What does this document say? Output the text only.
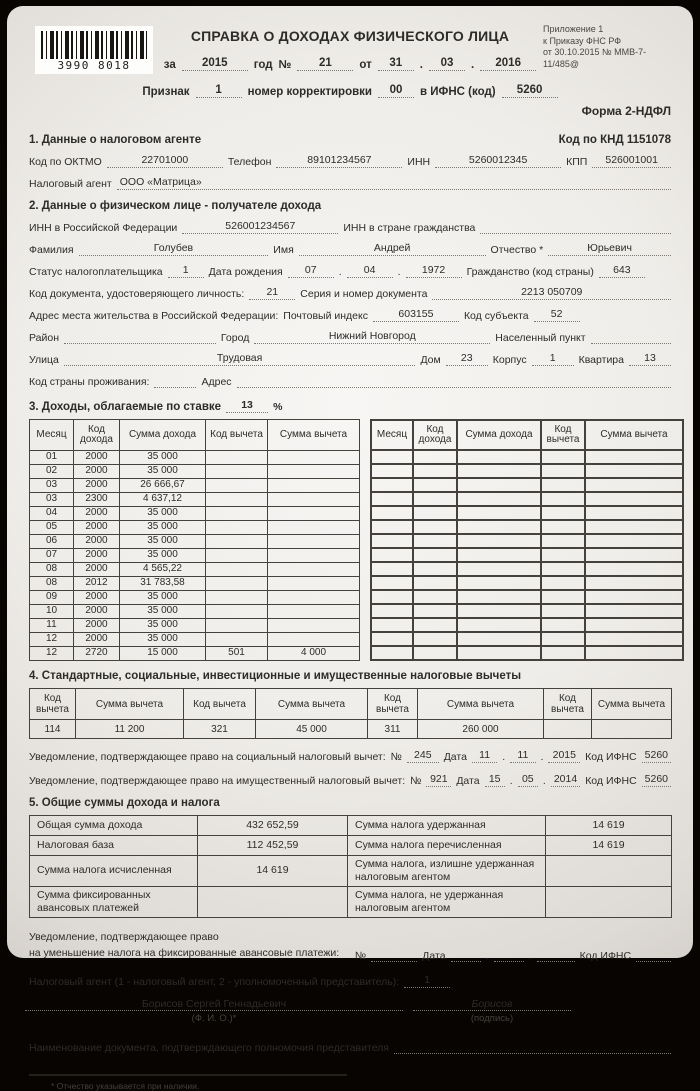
3990 8018
Приложение 1
к Приказу ФНС РФ
от 30.10.2015 № ММВ-7-
11/485@
СПРАВКА О ДОХОДАХ ФИЗИЧЕСКОГО ЛИЦА
за	2015	год №	21	от	31	.	03	.	2016
Признак	1	номер корректировки	00	в ИФНС (код)	5260
Форма 2-НДФЛ
1. Данные о налоговом агенте	Код по КНД 1151078
Код по ОКТМО	22701000	Телефон	89101234567	ИНН	5260012345	КПП	526001001
Налоговый агент ООО «Матрица»
2. Данные о физическом лице - получателе дохода
ИНН в Российской Федерации	526001234567	ИНН в стране гражданства
Фамилия	Голубев	Имя	Андрей	Отчество *	Юрьевич
Статус налогоплательщика	1	Дата рождения	07	.	04	.	1972	Гражданство (код страны)	643
Код документа, удостоверяющего личность:	21	Серия и номер документа	2213 050709
Адрес места жительства в Российской Федерации: Почтовый индекс	603155	Код субъекта	52
Район	Город	Нижний Новгород	Населенный пункт
Улица	Трудовая	Дом	23	Корпус	1	Квартира	13
Код страны проживания:	Адрес
3. Доходы, облагаемые по ставке	13	%
Месяц	Код дохода	Сумма дохода	Код вычета	Сумма вычета
01	2000	35 000		
02	2000	35 000		
03	2000	26 666,67		
03	2300	4 637,12		
04	2000	35 000		
05	2000	35 000		
06	2000	35 000		
07	2000	35 000		
08	2000	4 565,22		
08	2012	31 783,58		
09	2000	35 000		
10	2000	35 000		
11	2000	35 000		
12	2000	35 000		
12	2720	15 000	501	4 000
Месяц	Код дохода	Сумма дохода	Код вычета	Сумма вычета

4. Стандартные, социальные, инвестиционные и имущественные налоговые вычеты
Код вычета	Сумма вычета	Код вычета	Сумма вычета	Код вычета	Сумма вычета	Код вычета	Сумма вычета
114	11 200	321	45 000	311	260 000		
Уведомление, подтверждающее право на социальный налоговый вычет: №	245	Дата	11	.	11	. 2015 Код ИФНС 5260
Уведомление, подтверждающее право на имущественный налоговый вычет: № 921 Дата 15 . 05 . 2014 Код ИФНС 5260
5. Общие суммы дохода и налога
Общая сумма дохода	432 652,59	Сумма налога удержанная	14 619
Налоговая база	112 452,59	Сумма налога перечисленная	14 619
Сумма налога исчисленная	14 619	Сумма налога, излишне удержанная налоговым агентом	
Сумма фиксированных авансовых платежей		Сумма налога, не удержанная налоговым агентом	
Уведомление, подтверждающее право
на уменьшение налога на фиксированные авансовые платежи:	№	Дата	.	.	Код ИФНС
Налоговый агент (1 - налоговый агент, 2 - уполномоченный представитель):	1
Борисов Сергей Геннадьевич
(Ф. И. О.)*
Борисов
(подпись)
Наименование документа, подтверждающего полномочия представителя
* Отчество указывается при наличии.
